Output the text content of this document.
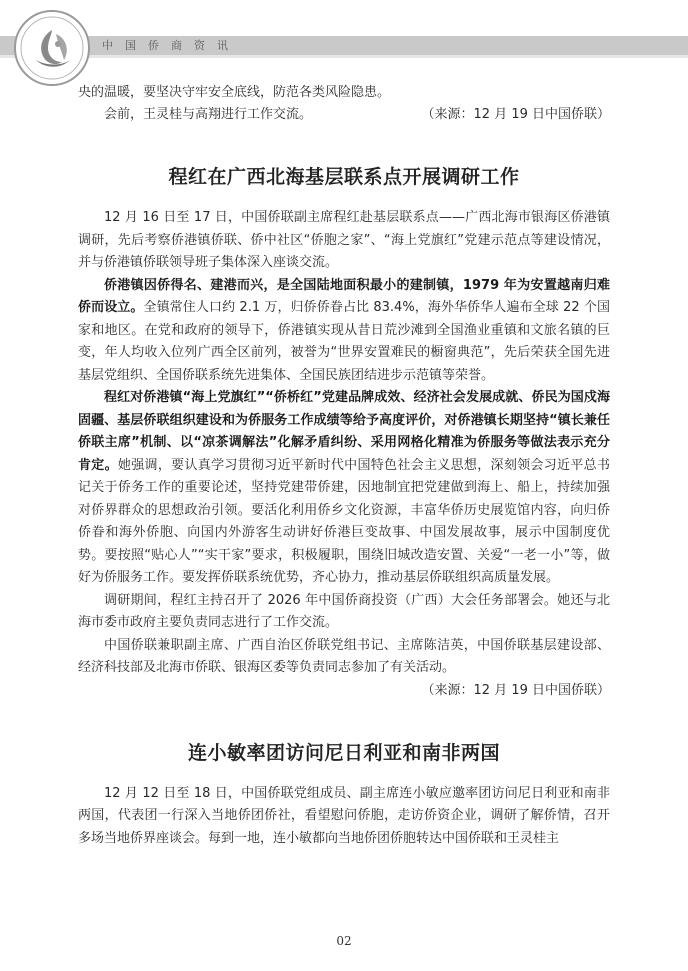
中国侨商资讯

央的温暖，要坚决守牢安全底线，防范各类风险隐患。

会前，王灵桂与高翔进行工作交流。	（来源：12 月 19 日中国侨联）
程红在广西北海基层联系点开展调研工作

12 月 16 日至 17 日，中国侨联副主席程红赴基层联系点——广西北海市银海区侨港镇调研，先后考察侨港镇侨联、侨中社区“侨胞之家”、“海上党旗红”党建示范点等建设情况，并与侨港镇侨联领导班子集体深入座谈交流。

侨港镇因侨得名、建港而兴，是全国陆地面积最小的建制镇，1979 年为安置越南归难侨而设立。全镇常住人口约 2.1 万，归侨侨眷占比 83.4%，海外华侨华人遍布全球 22 个国家和地区。在党和政府的领导下，侨港镇实现从昔日荒沙滩到全国渔业重镇和文旅名镇的巨变，年人均收入位列广西全区前列，被誉为“世界安置难民的橱窗典范”，先后荣获全国先进基层党组织、全国侨联系统先进集体、全国民族团结进步示范镇等荣誉。

程红对侨港镇“海上党旗红”“侨桥红”党建品牌成效、经济社会发展成就、侨民为国戍海固疆、基层侨联组织建设和为侨服务工作成绩等给予高度评价，对侨港镇长期坚持“镇长兼任侨联主席”机制、以“凉茶调解法”化解矛盾纠纷、采用网格化精准为侨服务等做法表示充分肯定。她强调，要认真学习贯彻习近平新时代中国特色社会主义思想，深刻领会习近平总书记关于侨务工作的重要论述，坚持党建带侨建，因地制宜把党建做到海上、船上，持续加强对侨界群众的思想政治引领。要活化利用侨乡文化资源，丰富华侨历史展览馆内容，向归侨侨眷和海外侨胞、向国内外游客生动讲好侨港巨变故事、中国发展故事，展示中国制度优势。要按照“贴心人”“实干家”要求，积极履职，围绕旧城改造安置、关爱“一老一小”等，做好为侨服务工作。要发挥侨联系统优势，齐心协力，推动基层侨联组织高质量发展。

调研期间，程红主持召开了 2026 年中国侨商投资（广西）大会任务部署会。她还与北海市委市政府主要负责同志进行了工作交流。

中国侨联兼职副主席、广西自治区侨联党组书记、主席陈洁英，中国侨联基层建设部、经济科技部及北海市侨联、银海区委等负责同志参加了有关活动。

（来源：12 月 19 日中国侨联）

连小敏率团访问尼日利亚和南非两国

12 月 12 日至 18 日，中国侨联党组成员、副主席连小敏应邀率团访问尼日利亚和南非两国，代表团一行深入当地侨团侨社，看望慰问侨胞，走访侨资企业，调研了解侨情，召开多场当地侨界座谈会。每到一地，连小敏都向当地侨团侨胞转达中国侨联和王灵桂主

02
